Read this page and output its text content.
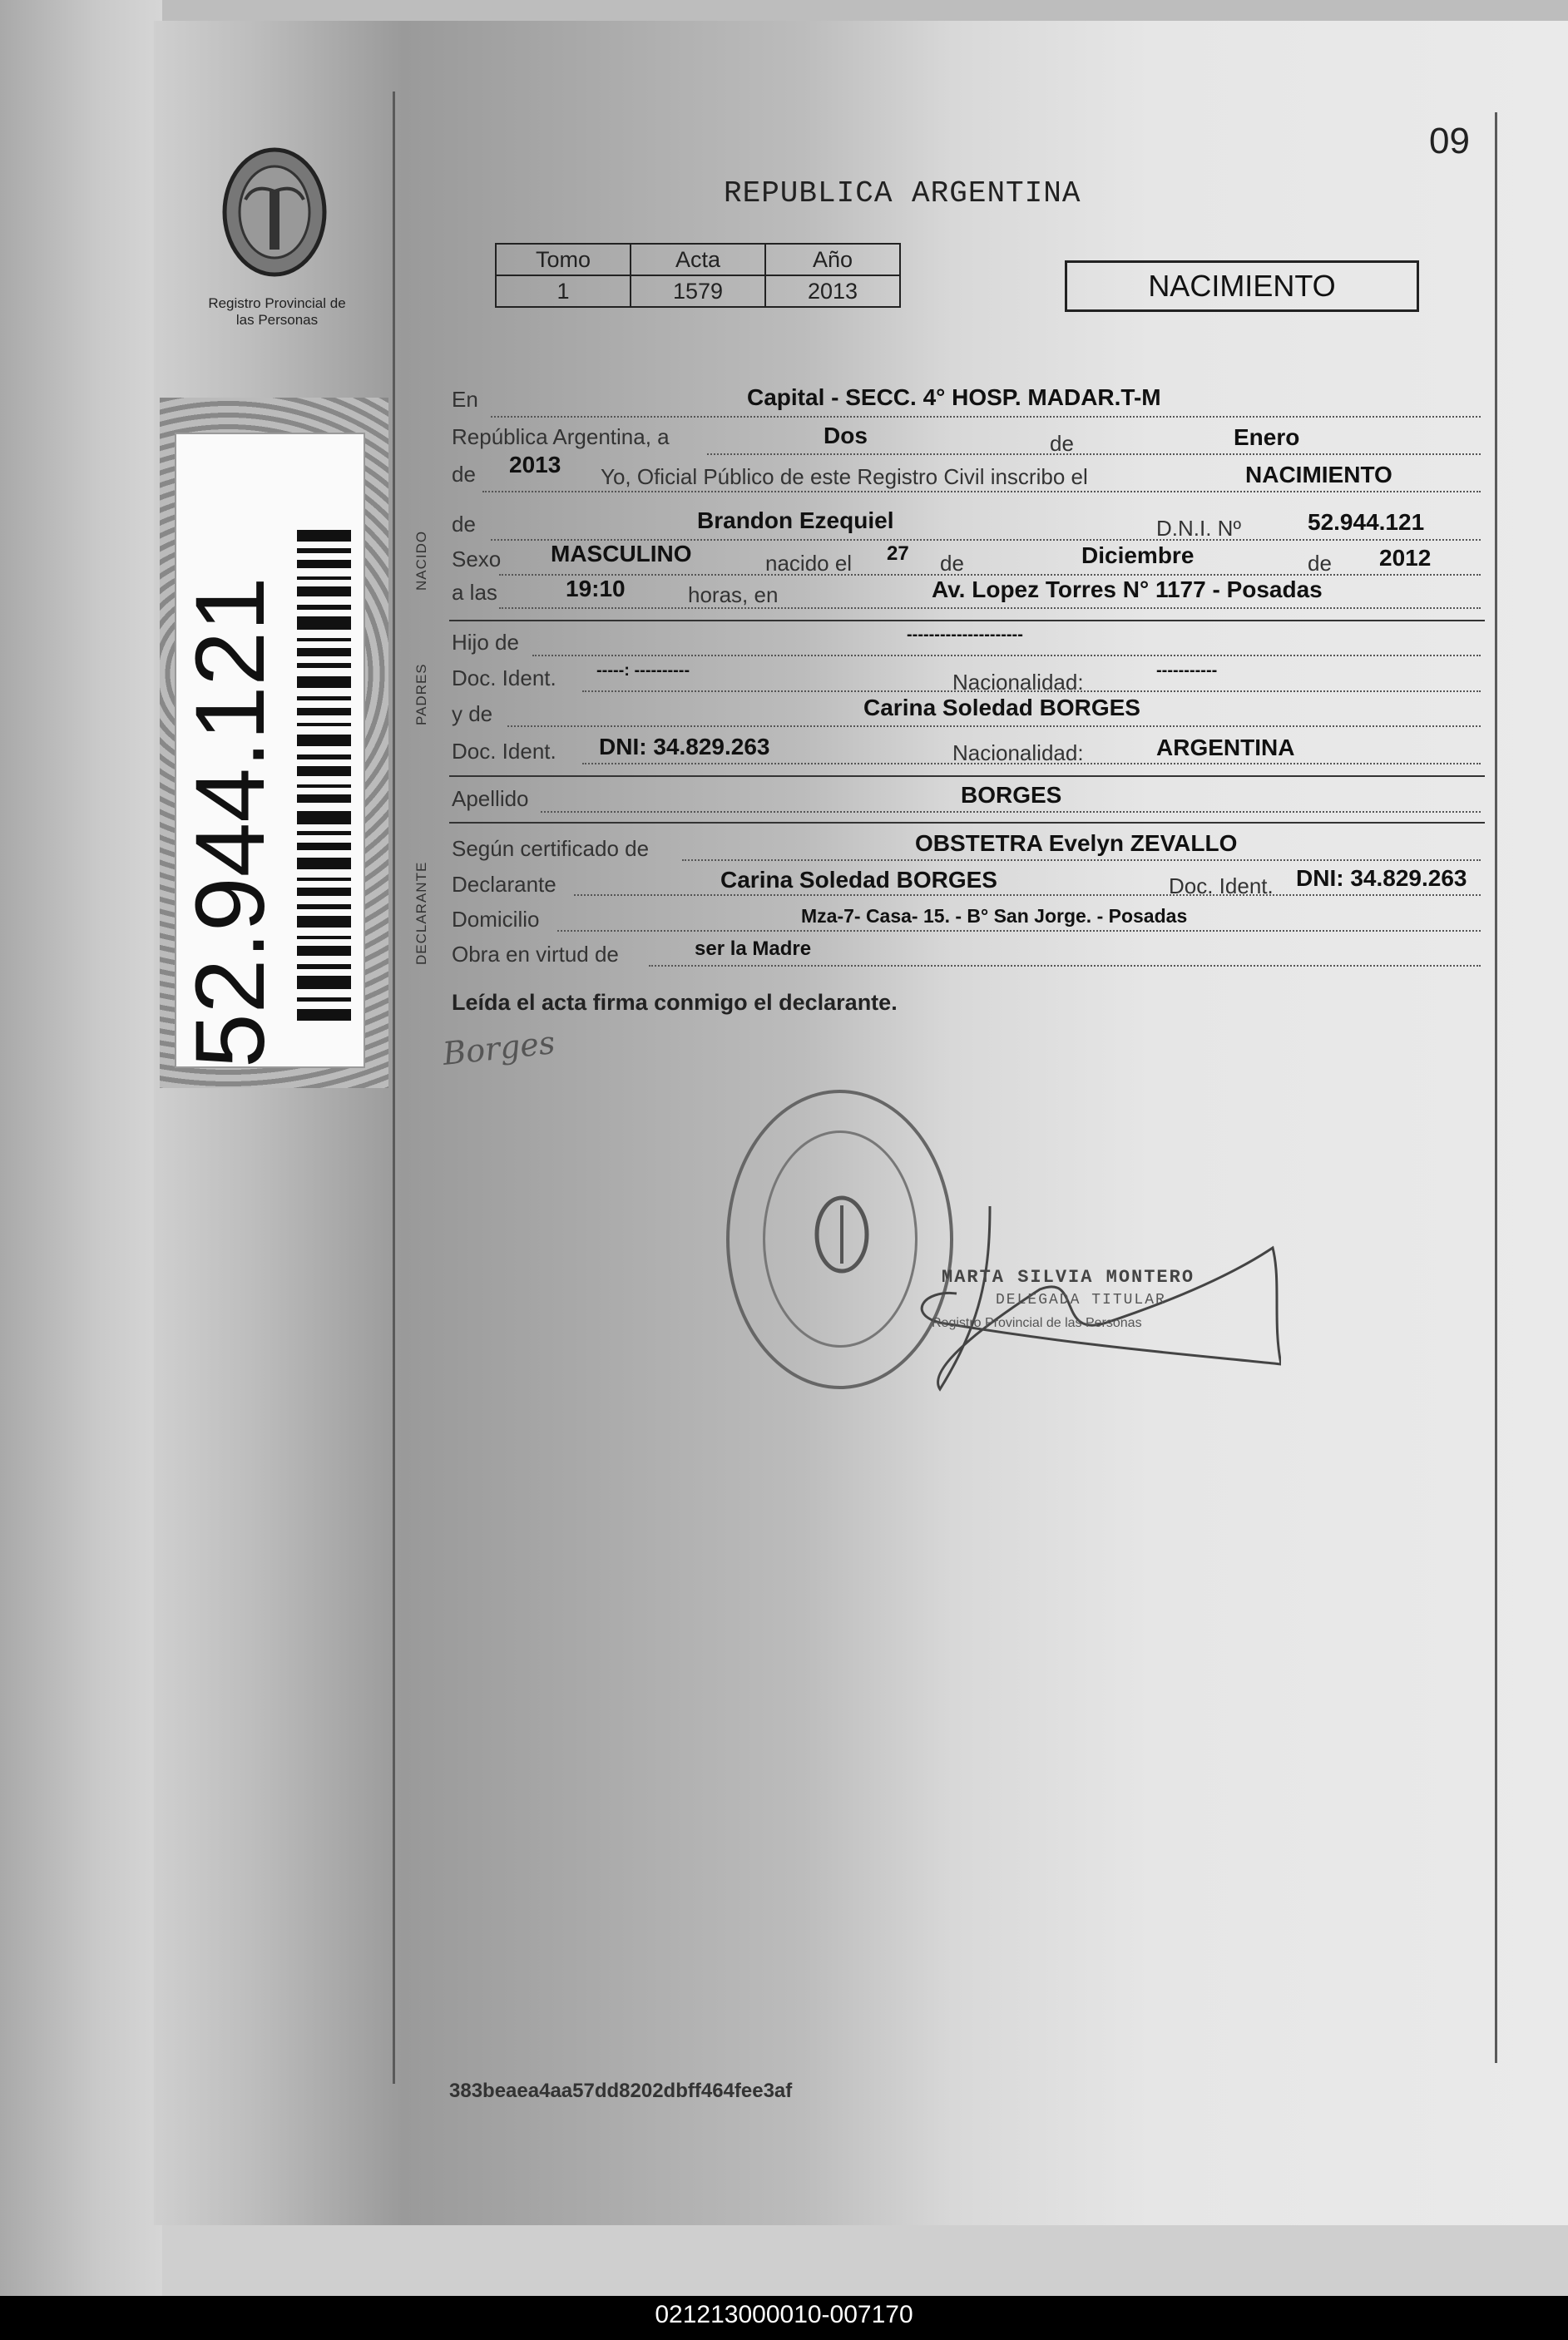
021213000010-007170
09
Registro Provincial de las Personas
REPUBLICA ARGENTINA
Tomo	Acta	Año
1	1579	2013	NACIMIENTO
52.944.121
NACIDO
PADRES
DECLARANTE
En	Capital - SECC. 4° HOSP. MADAR.T-M
República Argentina, a	Dos	de	Enero
de 2013 Yo, Oficial Público de este Registro Civil inscribo el	NACIMIENTO
de	Brandon Ezequiel	D.N.I. Nº	52.944.121
Sexo MASCULINO	nacido el 27 de	Diciembre	de 2012
a las	19:10	horas, en	Av. Lopez Torres N° 1177 - Posadas
Hijo de	---------------------
Doc. Ident. -----: ----------	Nacionalidad:	-----------
y de	Carina Soledad BORGES
Doc. Ident. DNI: 34.829.263	Nacionalidad:	ARGENTINA
Apellido	BORGES
Según certificado de	OBSTETRA Evelyn ZEVALLO
Declarante	Carina Soledad BORGES	Doc. Ident. DNI: 34.829.263
Domicilio	Mza-7- Casa- 15. - B° San Jorge. - Posadas
Obra en virtud de	ser la Madre
Leída el acta firma conmigo el declarante.
Borges
MARTA SILVIA MONTERO
DELEGADA TITULAR
Registro Provincial de las Personas
383beaea4aa57dd8202dbff464fee3af
